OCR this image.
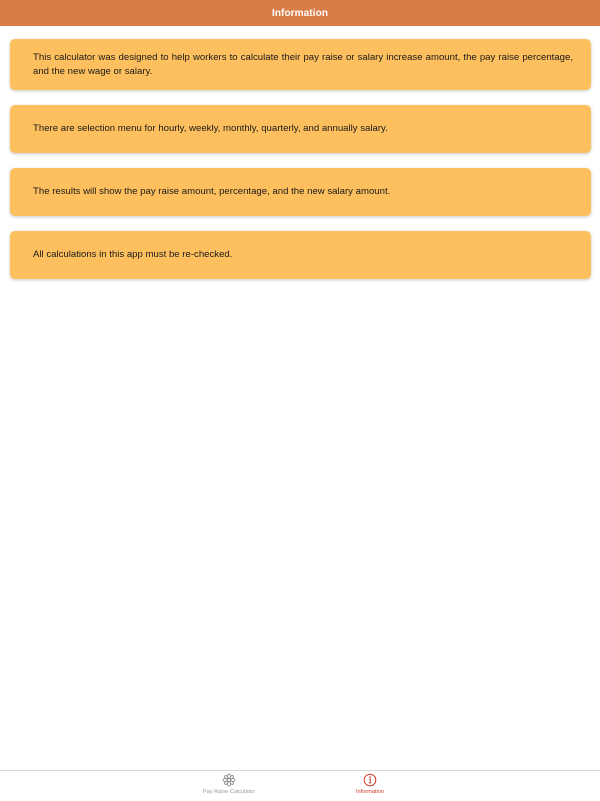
Information
This calculator was designed to help workers to calculate their pay raise or salary increase amount, the pay raise percentage, and the new wage or salary.
There are selection menu for hourly, weekly, monthly, quarterly, and annually salary.
The results will show the pay raise amount, percentage, and the new salary amount.
All calculations in this app must be re-checked.
Pay Raise Calculator	Information
